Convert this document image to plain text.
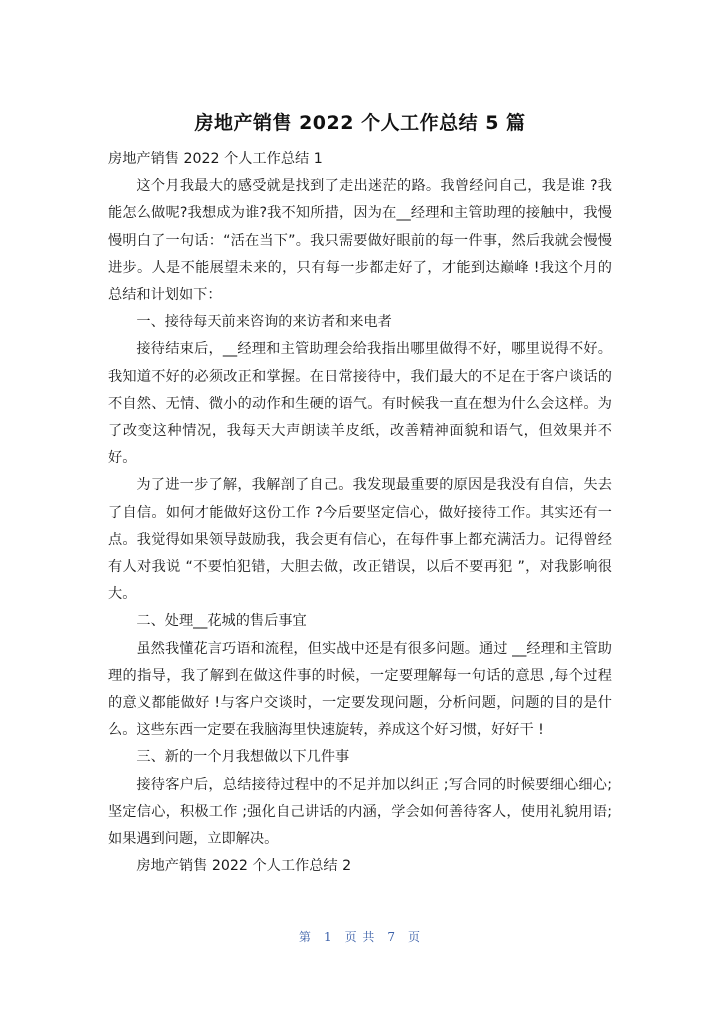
房地产销售 2022 个人工作总结 5 篇

房地产销售 2022 个人工作总结 1

这个月我最大的感受就是找到了走出迷茫的路。我曾经问自己，我是谁 ?我能怎么做呢?我想成为谁?我不知所措，因为在__经理和主管助理的接触中，我慢慢明白了一句话：“活在当下”。我只需要做好眼前的每一件事，然后我就会慢慢进步。人是不能展望未来的，只有每一步都走好了，才能到达巅峰 !我这个月的总结和计划如下：

一、接待每天前来咨询的来访者和来电者

接待结束后，__经理和主管助理会给我指出哪里做得不好，哪里说得不好。我知道不好的必须改正和掌握。在日常接待中，我们最大的不足在于客户谈话的不自然、无情、微小的动作和生硬的语气。有时候我一直在想为什么会这样。为了改变这种情况，我每天大声朗读羊皮纸，改善精神面貌和语气，但效果并不好。

为了进一步了解，我解剖了自己。我发现最重要的原因是我没有自信，失去了自信。如何才能做好这份工作 ?今后要坚定信心，做好接待工作。其实还有一点。我觉得如果领导鼓励我，我会更有信心，在每件事上都充满活力。记得曾经有人对我说 “不要怕犯错，大胆去做，改正错误，以后不要再犯 ”，对我影响很大。

二、处理__花城的售后事宜

虽然我懂花言巧语和流程，但实战中还是有很多问题。通过 __经理和主管助理的指导，我了解到在做这件事的时候，一定要理解每一句话的意思 ,每个过程的意义都能做好 !与客户交谈时，一定要发现问题，分析问题，问题的目的是什么。这些东西一定要在我脑海里快速旋转，养成这个好习惯，好好干 !

三、新的一个月我想做以下几件事

接待客户后，总结接待过程中的不足并加以纠正 ;写合同的时候要细心细心;坚定信心，积极工作 ;强化自己讲话的内涵，学会如何善待客人，使用礼貌用语;如果遇到问题，立即解决。

房地产销售 2022 个人工作总结 2

第 1 页 共 7 页
